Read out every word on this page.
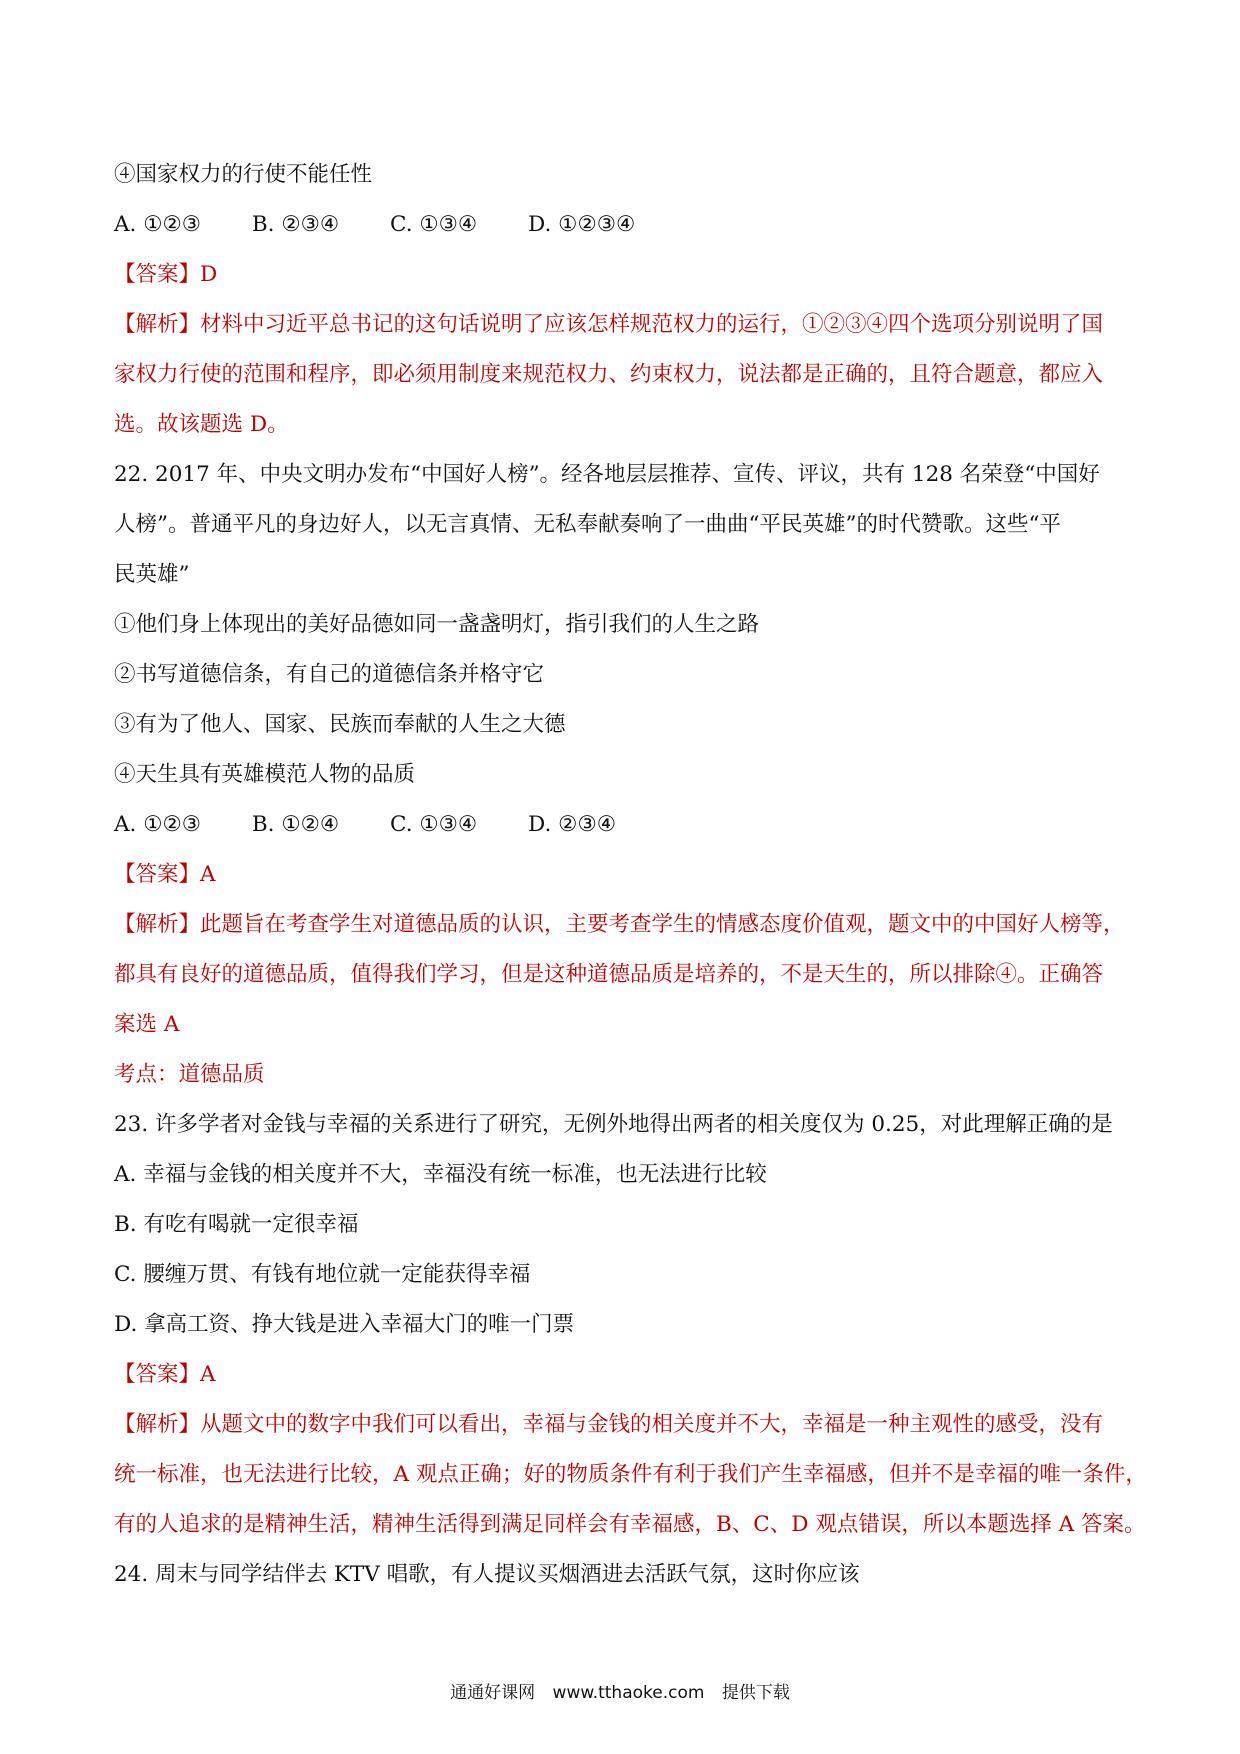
④国家权力的行使不能任性
A. ①②③ B. ②③④ C. ①③④ D. ①②③④
【答案】D
【解析】材料中习近平总书记的这句话说明了应该怎样规范权力的运行，①②③④四个选项分别说明了国
家权力行使的范围和程序，即必须用制度来规范权力、约束权力，说法都是正确的，且符合题意，都应入
选。故该题选 D。
22. 2017 年、中央文明办发布“中国好人榜”。经各地层层推荐、宣传、评议，共有 128 名荣登“中国好
人榜”。普通平凡的身边好人，以无言真情、无私奉献奏响了一曲曲“平民英雄”的时代赞歌。这些“平
民英雄”
①他们身上体现出的美好品德如同一盏盏明灯，指引我们的人生之路
②书写道德信条，有自己的道德信条并格守它
③有为了他人、国家、民族而奉献的人生之大德
④天生具有英雄模范人物的品质
A. ①②③ B. ①②④ C. ①③④ D. ②③④
【答案】A
【解析】此题旨在考查学生对道德品质的认识，主要考查学生的情感态度价值观，题文中的中国好人榜等，
都具有良好的道德品质，值得我们学习，但是这种道德品质是培养的，不是天生的，所以排除④。正确答
案选 A
考点：道德品质
23. 许多学者对金钱与幸福的关系进行了研究，无例外地得出两者的相关度仅为 0.25，对此理解正确的是
A. 幸福与金钱的相关度并不大，幸福没有统一标准，也无法进行比较
B. 有吃有喝就一定很幸福
C. 腰缠万贯、有钱有地位就一定能获得幸福
D. 拿高工资、挣大钱是进入幸福大门的唯一门票
【答案】A
【解析】从题文中的数字中我们可以看出，幸福与金钱的相关度并不大，幸福是一种主观性的感受，没有
统一标准，也无法进行比较，A 观点正确；好的物质条件有利于我们产生幸福感，但并不是幸福的唯一条件，
有的人追求的是精神生活，精神生活得到满足同样会有幸福感，B、C、D 观点错误，所以本题选择 A 答案。
24. 周末与同学结伴去 KTV 唱歌，有人提议买烟酒进去活跃气氛，这时你应该
通通好课网 www.tthaoke.com 提供下载
